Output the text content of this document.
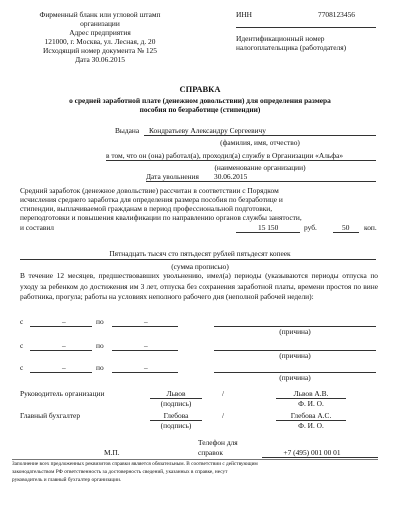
Фирменный бланк или угловой штамп
организации
Адрес предприятия
121000, г. Москва, ул. Лесная, д. 20
Исходящий номер документа № 125
Дата 30.06.2015
ИНН	7708123456
Идентификационный номер
налогоплательщика (работодателя)
СПРАВКА
о средней заработной плате (денежном довольствии) для определения размера
пособия по безработице (стипендии)
Выдана Кондратьеву Александру Сергеевичу
(фамилия, имя, отчество)
в том, что он (она) работал(а), проходил(а) службу в Организации «Альфа»
(наименование организации)
Дата увольнения 30.06.2015
Средний заработок (денежное довольствие) рассчитан в соответствии с Порядком
исчисления среднего заработка для определения размера пособия по безработице и
стипендии, выплачиваемой гражданам в период профессиональной подготовки,
переподготовки и повышения квалификации по направлению органов службы занятости,
и составил	15 150	руб.	50 коп.
Пятнадцать тысяч сто пятьдесят рублей пятьдесят копеек
(сумма прописью)
В течение 12 месяцев, предшествовавших увольнению, имел(а) периоды (указываются периоды отпуска по уходу за ребенком до достижения им 3 лет, отпуска без сохранения заработной платы, времени простоя по вине работника, прогула; работы на условиях неполного рабочего дня (неполной рабочей недели):
с	–	по	–
(причина)
с	–	по	–
(причина)
с	–	по	–
(причина)
Руководитель организации	Львов	/	Львов А.В.
(подпись)	Ф. И. О.
Главный бухгалтер	Глебова	/	Глебова А.С.
(подпись)	Ф. И. О.
М.П.
Телефон для
справок	+7 (495) 001 00 01
Заполнение всех предложенных реквизитов справки является обязательным. В соответствии с действующим
законодательством РФ ответственность за достоверность сведений, указанных в справке, несут
руководитель и главный бухгалтер организации.
